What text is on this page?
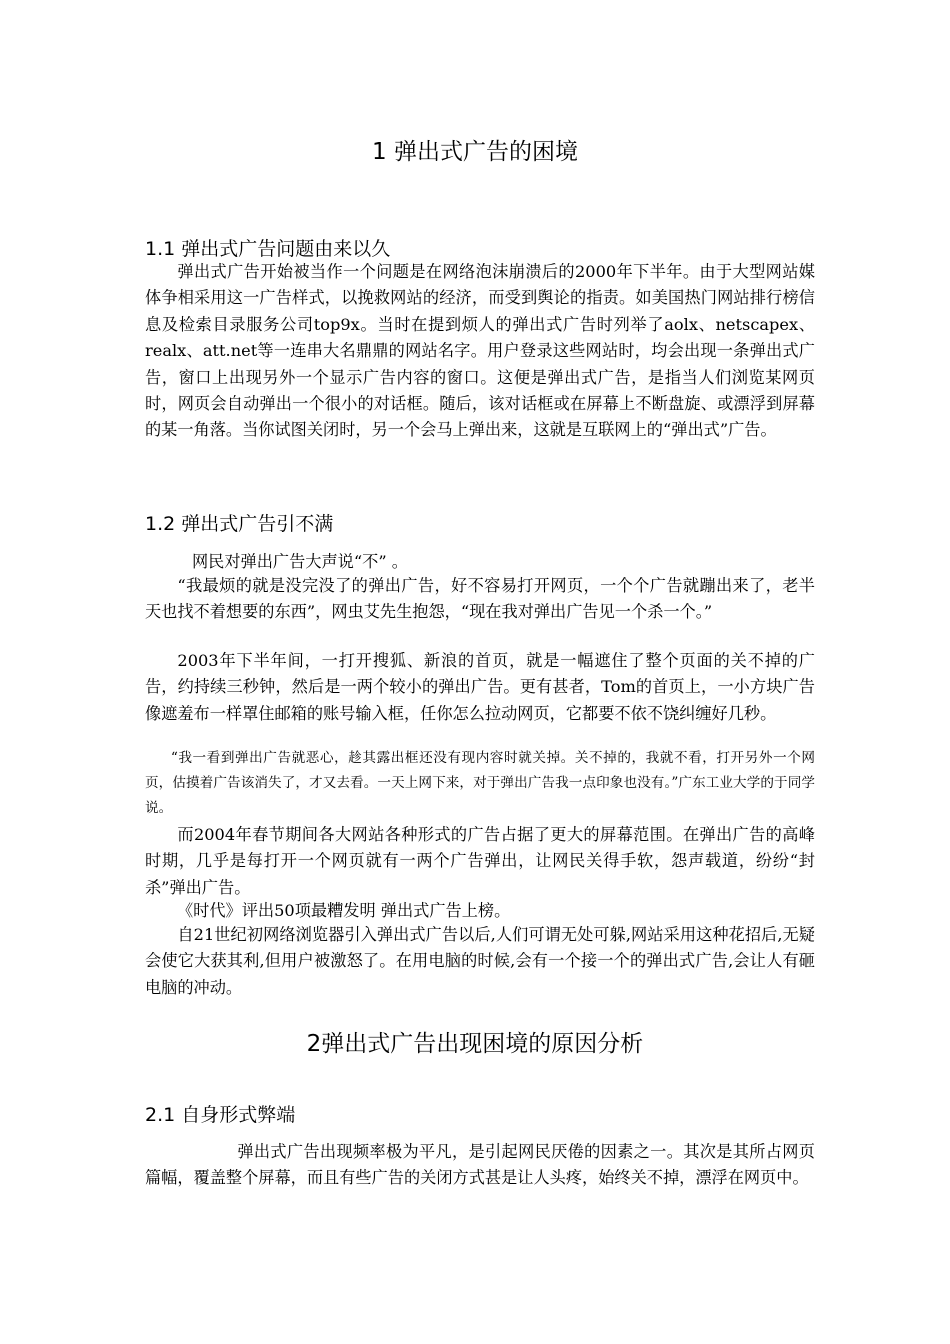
1 弹出式广告的困境
1.1 弹出式广告问题由来以久

弹出式广告开始被当作一个问题是在网络泡沫崩溃后的2000年下半年。由于大型网站媒体争相采用这一广告样式，以挽救网站的经济，而受到舆论的指责。如美国热门网站排行榜信息及检索目录服务公司top9x。当时在提到烦人的弹出式广告时列举了aolx、netscapex、realx、att.net等一连串大名鼎鼎的网站名字。用户登录这些网站时，均会出现一条弹出式广告，窗口上出现另外一个显示广告内容的窗口。这便是弹出式广告，是指当人们浏览某网页时，网页会自动弹出一个很小的对话框。随后，该对话框或在屏幕上不断盘旋、或漂浮到屏幕的某一角落。当你试图关闭时，另一个会马上弹出来，这就是互联网上的“弹出式”广告。

1.2 弹出式广告引不满

网民对弹出广告大声说“不” 。

“我最烦的就是没完没了的弹出广告，好不容易打开网页，一个个广告就蹦出来了，老半天也找不着想要的东西”，网虫艾先生抱怨，“现在我对弹出广告见一个杀一个。”

2003年下半年间，一打开搜狐、新浪的首页，就是一幅遮住了整个页面的关不掉的广告，约持续三秒钟，然后是一两个较小的弹出广告。更有甚者，Tom的首页上，一小方块广告像遮羞布一样罩住邮箱的账号输入框，任你怎么拉动网页，它都要不依不饶纠缠好几秒。

“我一看到弹出广告就恶心，趁其露出框还没有现内容时就关掉。关不掉的，我就不看，打开另外一个网页，估摸着广告该消失了，才又去看。一天上网下来，对于弹出广告我一点印象也没有。”广东工业大学的于同学说。

而2004年春节期间各大网站各种形式的广告占据了更大的屏幕范围。在弹出广告的高峰时期，几乎是每打开一个网页就有一两个广告弹出，让网民关得手软，怨声载道，纷纷“封杀”弹出广告。

《时代》评出50项最糟发明 弹出式广告上榜。

自21世纪初网络浏览器引入弹出式广告以后,人们可谓无处可躲,网站采用这种花招后,无疑会使它大获其利,但用户被激怒了。在用电脑的时候,会有一个接一个的弹出式广告,会让人有砸电脑的冲动。

2弹出式广告出现困境的原因分析
2.1 自身形式弊端

弹出式广告出现频率极为平凡，是引起网民厌倦的因素之一。其次是其所占网页篇幅，覆盖整个屏幕，而且有些广告的关闭方式甚是让人头疼，始终关不掉，漂浮在网页中。
